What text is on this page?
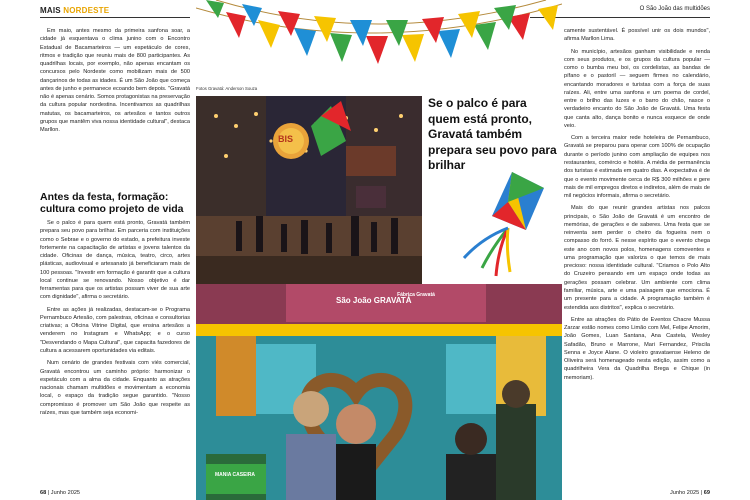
MAIS NORDESTE	O São João das multidões

Em maio, antes mesmo da primeira sanfona soar, a cidade já esquentava o clima junino com o Encontro Estadual de Bacamarteiros — um espetáculo de cores, ritmos e tradição que reuniu mais de 800 participantes. As quadrilhas locais, por exemplo, não apenas encantam os concursos pelo Nordeste como mobilizam mais de 500 dançarinos de todas as idades. É um São João que começa antes de junho e permanece ecoando bem depois. "Gravatá não é apenas cenário. Somos protagonistas na preservação da cultura popular nordestina. Incentivamos as quadrilhas matutas, os bacamarteiros, os artesãos e tantos outros grupos que mantêm viva nossa identidade cultural", destaca Marllon.

Antes da festa, formação: cultura como projeto de vida

Se o palco é para quem está pronto, Gravatá também prepara seu povo para brilhar. Em parceria com instituições como o Sebrae e o governo do estado, a prefeitura investe fortemente na capacitação de artistas e jovens talentos da cidade. Oficinas de dança, música, teatro, circo, artes plásticas, audiovisual e artesanato já beneficiaram mais de 100 pessoas. "Investir em formação é garantir que a cultura local continue se renovando. Nosso objetivo é dar ferramentas para que os artistas possam viver de sua arte com dignidade", afirma o secretário.

Entre as ações já realizadas, destacam-se o Programa Pernambuco Artesão, com palestras, oficinas e consultorias criativas; a Oficina Vitrine Digital, que ensina artesãos a venderem no Instagram e WhatsApp; e o curso "Desvendando o Mapa Cultural", que capacita fazedores de cultura a acessarem oportunidades via editais.

Num cenário de grandes festivais com viés comercial, Gravatá encontrou um caminho próprio: harmonizar o espetáculo com a alma da cidade. Enquanto as atrações nacionais chamam multidões e movimentam a economia local, o espaço da tradição segue garantido. "Nosso compromisso é promover um São João que respeite as raízes, mas que também seja economi-

Fotos Gravatá: Anderson Souza
BIS
Se o palco é para quem está pronto, Gravatá também prepara seu povo para brilhar
São João GRAVATÁ
Fábrica Gravatá
MANIA CASEIRA

camente sustentável. É possível unir os dois mundos", afirma Marllon Lima.

No município, artesãos ganham visibilidade e renda com seus produtos, e os grupos da cultura popular — como o bumba meu boi, os cordelistas, as bandas de pífano e o pastoril — seguem firmes no calendário, encantando moradores e turistas com a força de suas raízes. Ali, entre uma sanfona e um poema de cordel, entre o brilho das luzes e o barro do chão, nasce o verdadeiro encanto do São João de Gravatá. Uma festa que canta alto, dança bonito e nunca esquece de onde veio.

Com a terceira maior rede hoteleira de Pernambuco, Gravatá se preparou para operar com 100% de ocupação durante o período junino com ampliação de equipes nos restaurantes, comércio e hotéis. A média de permanência dos turistas é estimada em quatro dias. A expectativa é de que o evento movimente cerca de R$ 300 milhões e gere mais de mil empregos diretos e indiretos, além de mais de mil negócios informais, afirma o secretário.

Mais do que reunir grandes artistas nos palcos principais, o São João de Gravatá é um encontro de memórias, de gerações e de saberes. Uma festa que se reinventa sem perder o cheiro da fogueira nem o compasso do forró. E nesse espírito que o evento chega este ano com novos polos, homenagens comoventes e uma programação que valoriza o que temos de mais precioso: nossa identidade cultural. "Criamos o Polo Alto do Cruzeiro pensando em um espaço onde todas as gerações possam celebrar. Um ambiente com clima familiar, música, arte e uma paisagem que emociona. É um presente para a cidade. A programação também é estendida aos distritos", explica o secretário.

Entre as atrações do Pátio de Eventos Chacre Mussa Zarzar estão nomes como Limão com Mel, Felipe Amorim, João Gomes, Luan Santana, Ana Castela, Wesley Safadão, Bruno e Marrone, Mari Fernandez, Priscila Senna e Joyce Alane. O violeiro gravataense Heleno de Oliveira será homenageado nesta edição, assim como a quadrilheira Vera da Quadrilha Brega e Chique (in memoriam).

68 | Junho 2025	Junho 2025 | 69
